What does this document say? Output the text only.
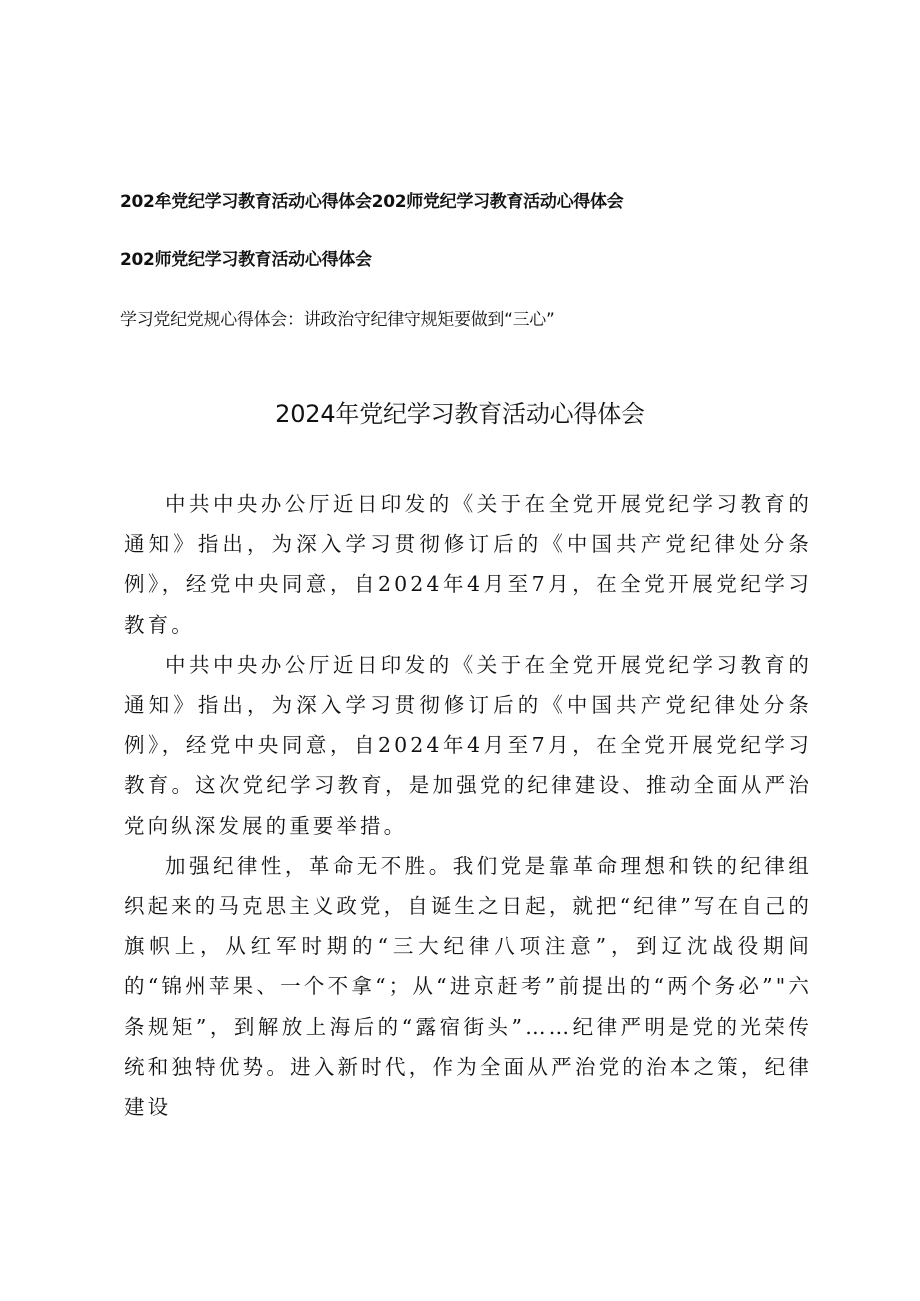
202牟党纪学习教育活动心得体会202师党纪学习教育活动心得体会

202师党纪学习教育活动心得体会

学习党纪党规心得体会：讲政治守纪律守规矩要做到“三心”

2024年党纪学习教育活动心得体会

中共中央办公厅近日印发的《关于在全党开展党纪学习教育的通知》指出，为深入学习贯彻修订后的《中国共产党纪律处分条例》，经党中央同意，自2024年4月至7月，在全党开展党纪学习教育。

中共中央办公厅近日印发的《关于在全党开展党纪学习教育的通知》指出，为深入学习贯彻修订后的《中国共产党纪律处分条例》，经党中央同意，自2024年4月至7月，在全党开展党纪学习教育。这次党纪学习教育，是加强党的纪律建设、推动全面从严治党向纵深发展的重要举措。

加强纪律性，革命无不胜。我们党是靠革命理想和铁的纪律组织起来的马克思主义政党，自诞生之日起，就把“纪律”写在自己的旗帜上，从红军时期的“三大纪律八项注意”，到辽沈战役期间的“锦州苹果、一个不拿“；从“进京赶考”前提出的“两个务必”"六条规矩”，到解放上海后的“露宿街头”……纪律严明是党的光荣传统和独特优势。进入新时代，作为全面从严治党的治本之策，纪律建设
